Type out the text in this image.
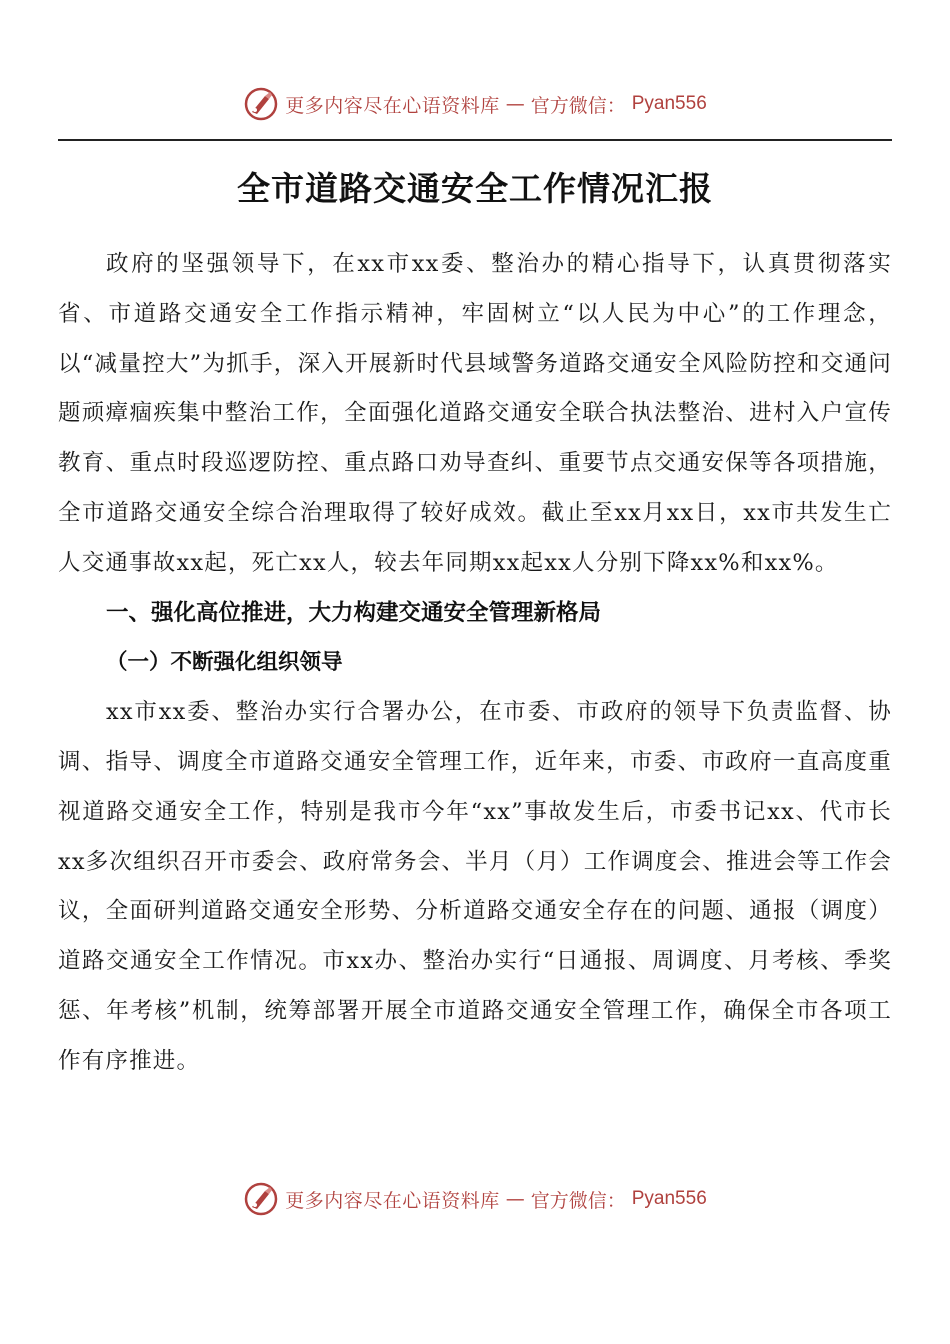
更多内容尽在心语资料库 — 官方微信： Pyan556
全市道路交通安全工作情况汇报

政府的坚强领导下，在xx市xx委、整治办的精心指导下，认真贯彻落实省、市道路交通安全工作指示精神，牢固树立“以人民为中心”的工作理念，以“减量控大”为抓手，深入开展新时代县域警务道路交通安全风险防控和交通问题顽瘴痼疾集中整治工作，全面强化道路交通安全联合执法整治、进村入户宣传教育、重点时段巡逻防控、重点路口劝导查纠、重要节点交通安保等各项措施，全市道路交通安全综合治理取得了较好成效。截止至xx月xx日，xx市共发生亡人交通事故xx起，死亡xx人，较去年同期xx起xx人分别下降xx%和xx%。

一、强化高位推进，大力构建交通安全管理新格局

（一）不断强化组织领导

xx市xx委、整治办实行合署办公，在市委、市政府的领导下负责监督、协调、指导、调度全市道路交通安全管理工作，近年来，市委、市政府一直高度重视道路交通安全工作，特别是我市今年“xx”事故发生后，市委书记xx、代市长xx多次组织召开市委会、政府常务会、半月（月）工作调度会、推进会等工作会议，全面研判道路交通安全形势、分析道路交通安全存在的问题、通报（调度）道路交通安全工作情况。市xx办、整治办实行“日通报、周调度、月考核、季奖惩、年考核”机制，统筹部署开展全市道路交通安全管理工作，确保全市各项工作有序推进。

更多内容尽在心语资料库 — 官方微信： Pyan556
